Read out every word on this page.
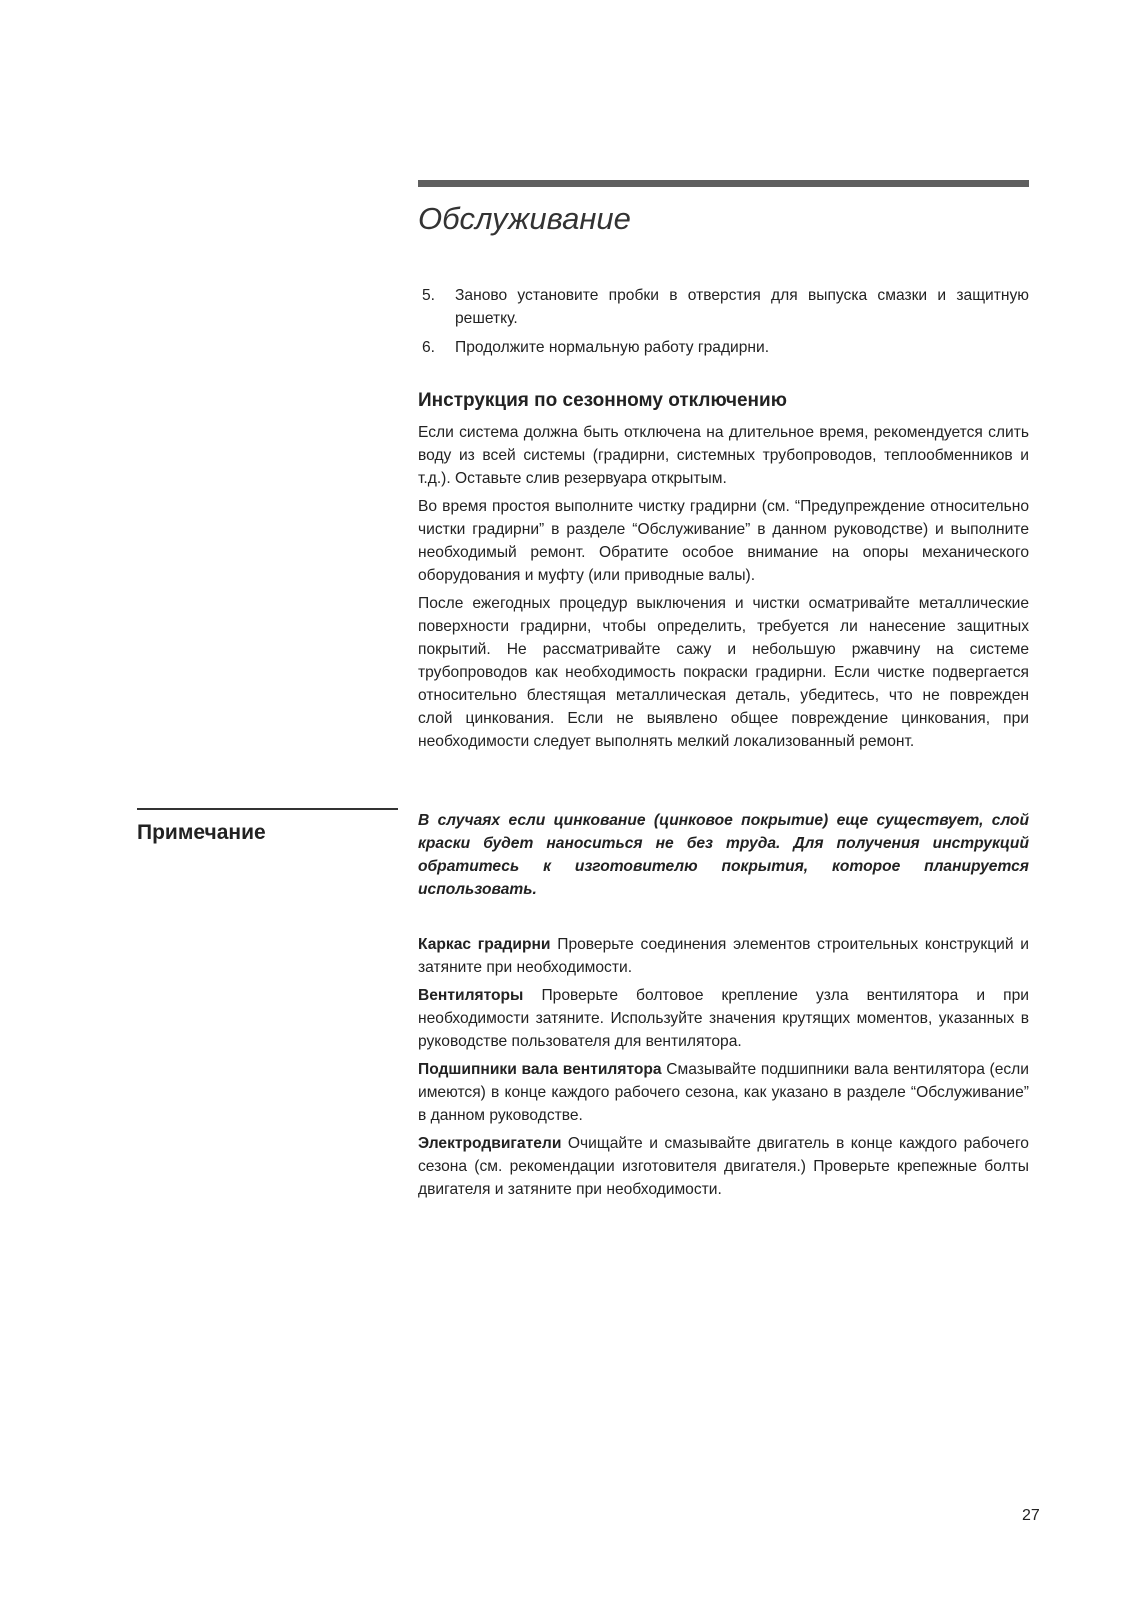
Обслуживание
5.	Заново установите пробки в отверстия для выпуска смазки и защитную решетку.
6.	Продолжите нормальную работу градирни.
Инструкция по сезонному отключению

Если система должна быть отключена на длительное время, рекомендуется слить воду из всей системы (градирни, системных трубопроводов, теплообменников и т.д.). Оставьте слив резервуара открытым.

Во время простоя выполните чистку градирни (см. “Предупреждение относительно чистки градирни” в разделе “Обслуживание” в данном руководстве) и выполните необходимый ремонт. Обратите особое внимание на опоры механического оборудования и муфту (или приводные валы).

После ежегодных процедур выключения и чистки осматривайте металлические поверхности градирни, чтобы определить, требуется ли нанесение защитных покрытий. Не рассматривайте сажу и небольшую ржавчину на системе трубопроводов как необходимость покраски градирни. Если чистке подвергается относительно блестящая металлическая деталь, убедитесь, что не поврежден слой цинкования. Если не выявлено общее повреждение цинкования, при необходимости следует выполнять мелкий локализованный ремонт.

Примечание

В случаях если цинкование (цинковое покрытие) еще существует, слой краски будет наноситься не без труда. Для получения инструкций обратитесь к изготовителю покрытия, которое планируется использовать.

Каркас градирни Проверьте соединения элементов строительных конструкций и затяните при необходимости.

Вентиляторы Проверьте болтовое крепление узла вентилятора и при необходимости затяните. Используйте значения крутящих моментов, указанных в руководстве пользователя для вентилятора.

Подшипники вала вентилятора Смазывайте подшипники вала вентилятора (если имеются) в конце каждого рабочего сезона, как указано в разделе “Обслуживание” в данном руководстве.

Электродвигатели Очищайте и смазывайте двигатель в конце каждого рабочего сезона (см. рекомендации изготовителя двигателя.) Проверьте крепежные болты двигателя и затяните при необходимости.

27
